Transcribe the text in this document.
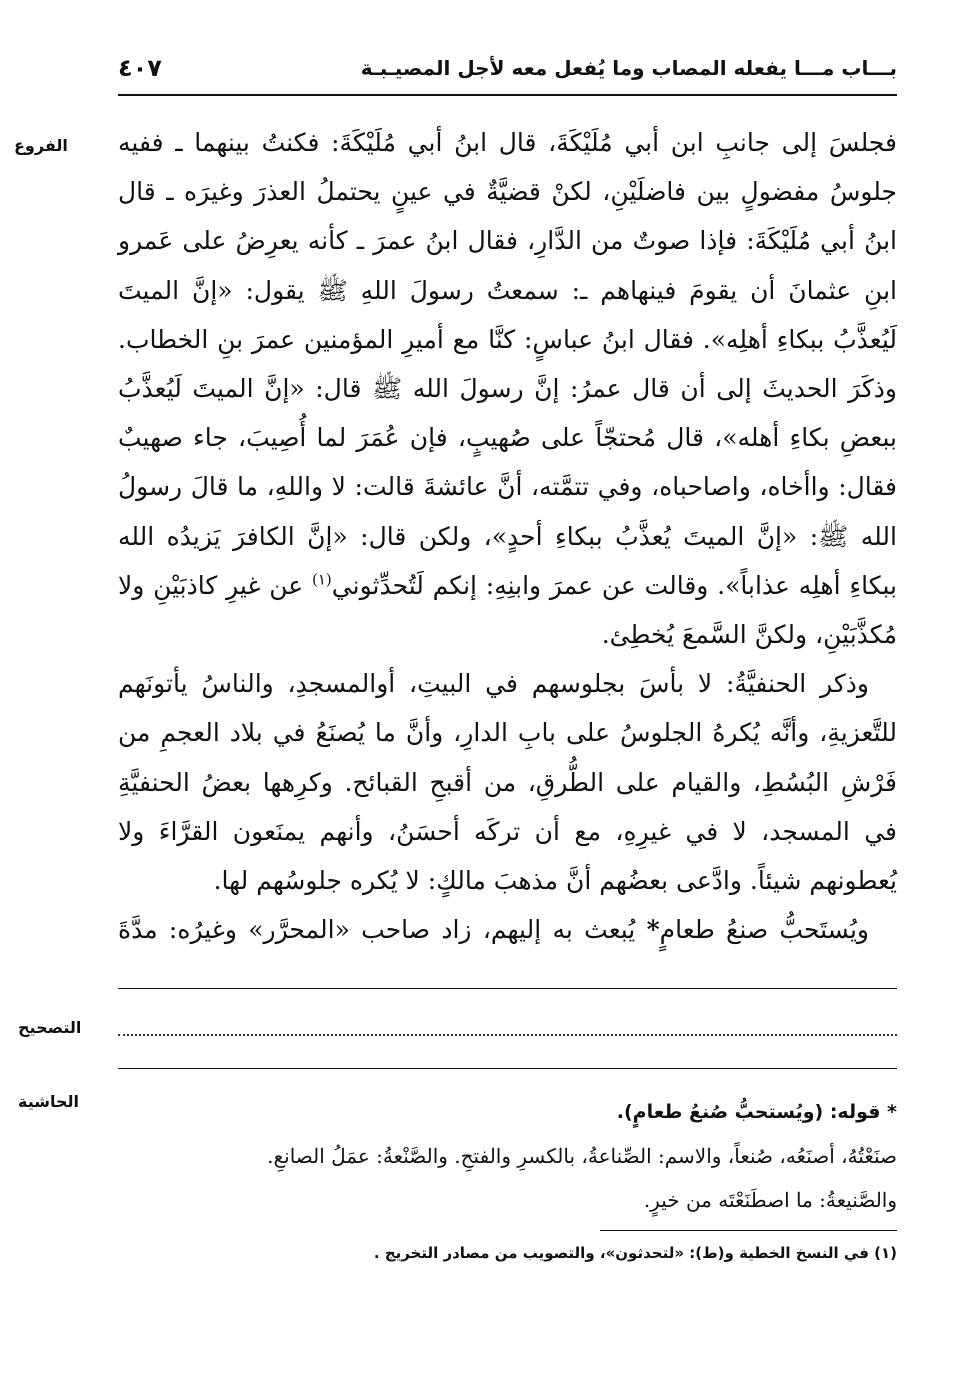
٤٠٧	بـــاب مـــا يفعله المصاب وما يُفعل معه لأجل المصيـبـة
الفروع
التصحيح
الحاشية

فجلسَ إلى جانبِ ابن أبي مُلَيْكَةَ، قال ابنُ أبي مُلَيْكَةَ: فكنتُ بينهما ـ ففيه جلوسُ مفضولٍ بين فاضلَيْنِ، لكنْ قضيَّةٌ في عينٍ يحتملُ العذرَ وغيرَه ـ قال ابنُ أبي مُلَيْكَةَ: فإذا صوتٌ من الدَّارِ، فقال ابنُ عمرَ ـ كأنه يعرِضُ على عَمرو ابنِ عثمانَ أن يقومَ فينهاهم ـ: سمعتُ رسولَ اللهِ ﷺ يقول: «إنَّ الميتَ لَيُعذَّبُ ببكاءِ أهلِه». فقال ابنُ عباسٍ: كنَّا مع أميرِ المؤمنين عمرَ بنِ الخطاب. وذكَرَ الحديثَ إلى أن قال عمرُ: إنَّ رسولَ الله ﷺ قال: «إنَّ الميتَ لَيُعذَّبُ ببعضِ بكاءِ أهله»، قال مُحتجّاً على صُهيبٍ، فإن عُمَرَ لما أُصِيبَ، جاء صهيبٌ فقال: واأخاه، واصاحباه، وفي تتمَّته، أنَّ عائشةَ قالت: لا واللهِ، ما قالَ رسولُ الله ﷺ: «إنَّ الميتَ يُعذَّبُ ببكاءِ أحدٍ»، ولكن قال: «إنَّ الكافرَ يَزيدُه الله ببكاءِ أهلِه عذاباً». وقالت عن عمرَ وابنِهِ: إنكم لَتُحدِّثوني$^{(١)}$ عن غيرِ كاذبَيْنِ ولا مُكذَّبَيْنِ، ولكنَّ السَّمعَ يُخطِئ.

وذكر الحنفيَّةُ: لا بأسَ بجلوسهم في البيتِ، أوالمسجدِ، والناسُ يأتونَهم للتَّعزيةِ، وأنَّه يُكرهُ الجلوسُ على بابِ الدارِ، وأنَّ ما يُصنَعُ في بلاد العجمِ من فَرْشِ البُسُطِ، والقيام على الطُّرقِ، من أقبحِ القبائح. وكرِهها بعضُ الحنفيَّةِ في المسجد، لا في غيرِهِ، مع أن تركَه أحسَنُ، وأنهم يمنَعون القرَّاءَ ولا يُعطونهم شيئاً. وادَّعى بعضُهم أنَّ مذهبَ مالكٍ: لا يُكره جلوسُهم لها.

ويُستَحبُّ صنعُ طعامٍ* يُبعث به إليهم، زاد صاحب «المحرَّر» وغيرُه: مدَّةَ

* قوله: (ويُستحبُّ صُنعُ طعامٍ).

صنَعْتُهُ، أصنَعُه، صُنعاً، والاسم: الصِّناعةُ، بالكسرِ والفتحِ. والصَّنْعةُ: عمَلُ الصانعِ.

والصَّنيعةُ: ما اصطَنَعْتَه من خيرٍ.

(١) في النسخ الخطية و(ط): «لتحدثون»، والتصويب من مصادر التخريج .
